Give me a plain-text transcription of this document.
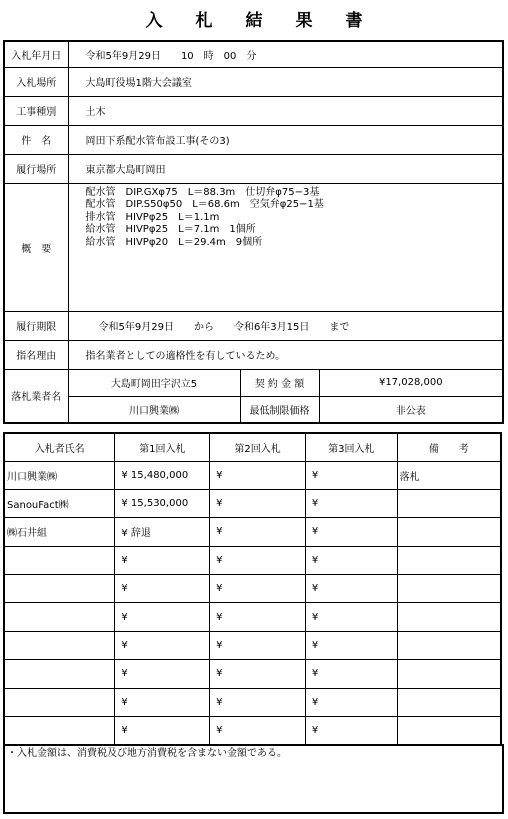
入 札 結 果 書
入札年月日	令和5年9月29日　　10　時　00　分		
入札場所	大島町役場1階大会議室		
工事種別	土木		
件　名	岡田下系配水管布設工事(その3)		
履行場所	東京都大島町岡田		
概　要	配水管　DIP.GXφ75　L＝88.3m　仕切弁φ75−3基
配水管　DIP.S50φ50　L＝68.6m　空気弁φ25−1基
排水管　HIVPφ25　L＝1.1m
給水管　HIVPφ25　L＝7.1m　1個所
給水管　HIVPφ20　L＝29.4m　9個所		

履行期限	令和5年9月29日　　から　　令和6年3月15日　　まで		
指名理由	指名業者としての適格性を有しているため。		
落札業者名	大島町岡田字沢立5	契 約 金 額	¥17,028,000
	川口興業㈱	最低制限価格	非公表
入札者氏名	第1回入札	第2回入札	第3回入札	備　　考
川口興業㈱	¥ 15,480,000	¥	¥	落札
SanouFact㈱	¥ 15,530,000	¥	¥	
㈱石井組	¥ 辞退	¥	¥	
	¥	¥	¥	
	¥	¥	¥	
	¥	¥	¥	
	¥	¥	¥	
	¥	¥	¥	
	¥	¥	¥	
	¥	¥	¥	
・入札金額は、消費税及び地方消費税を含まない金額である。
